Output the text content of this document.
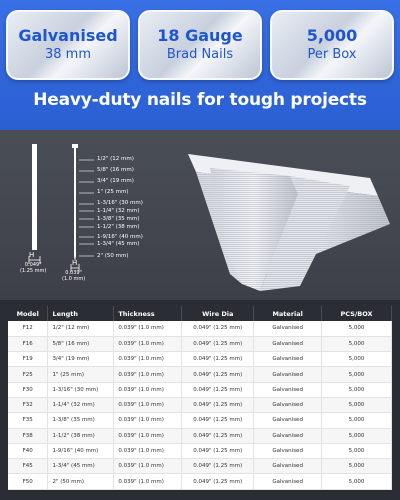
Galvanised
38 mm
18 Gauge
Brad Nails
5,000
Per Box
Heavy-duty nails for tough projects
0.049"
(1.25 mm)	0.039"
(1.0 mm)
H
H
1/2" (12 mm)
5/8" (16 mm)
3/4" (19 mm)
1" (25 mm)
1-3/16" (30 mm)
1-1/4" (32 mm)
1-3/8" (35 mm)
1-1/2" (38 mm)
1-9/16" (40 mm)
1-3/4" (45 mm)
2" (50 mm)
Model	Length	Thickness	Wire Dia	Material	PCS/BOX
F12	1/2" (12 mm)	0.039" (1.0 mm)	0.049" (1.25 mm)	Galvanised	5,000
F16	5/8" (16 mm)	0.039" (1.0 mm)	0.049" (1.25 mm)	Galvanised	5,000
F19	3/4" (19 mm)	0.039" (1.0 mm)	0.049" (1.25 mm)	Galvanised	5,000
F25	1" (25 mm)	0.039" (1.0 mm)	0.049" (1.25 mm)	Galvanised	5,000
F30	1-3/16" (30 mm)	0.039" (1.0 mm)	0.049" (1.25 mm)	Galvanised	5,000
F32	1-1/4" (32 mm)	0.039" (1.0 mm)	0.049" (1.25 mm)	Galvanised	5,000
F35	1-3/8" (35 mm)	0.039" (1.0 mm)	0.049" (1.25 mm)	Galvanised	5,000
F38	1-1/2" (38 mm)	0.039" (1.0 mm)	0.049" (1.25 mm)	Galvanised	5,000
F40	1-9/16" (40 mm)	0.039" (1.0 mm)	0.049" (1.25 mm)	Galvanised	5,000
F45	1-3/4" (45 mm)	0.039" (1.0 mm)	0.049" (1.25 mm)	Galvanised	5,000
F50	2" (50 mm)	0.039" (1.0 mm)	0.049" (1.25 mm)	Galvanised	5,000
